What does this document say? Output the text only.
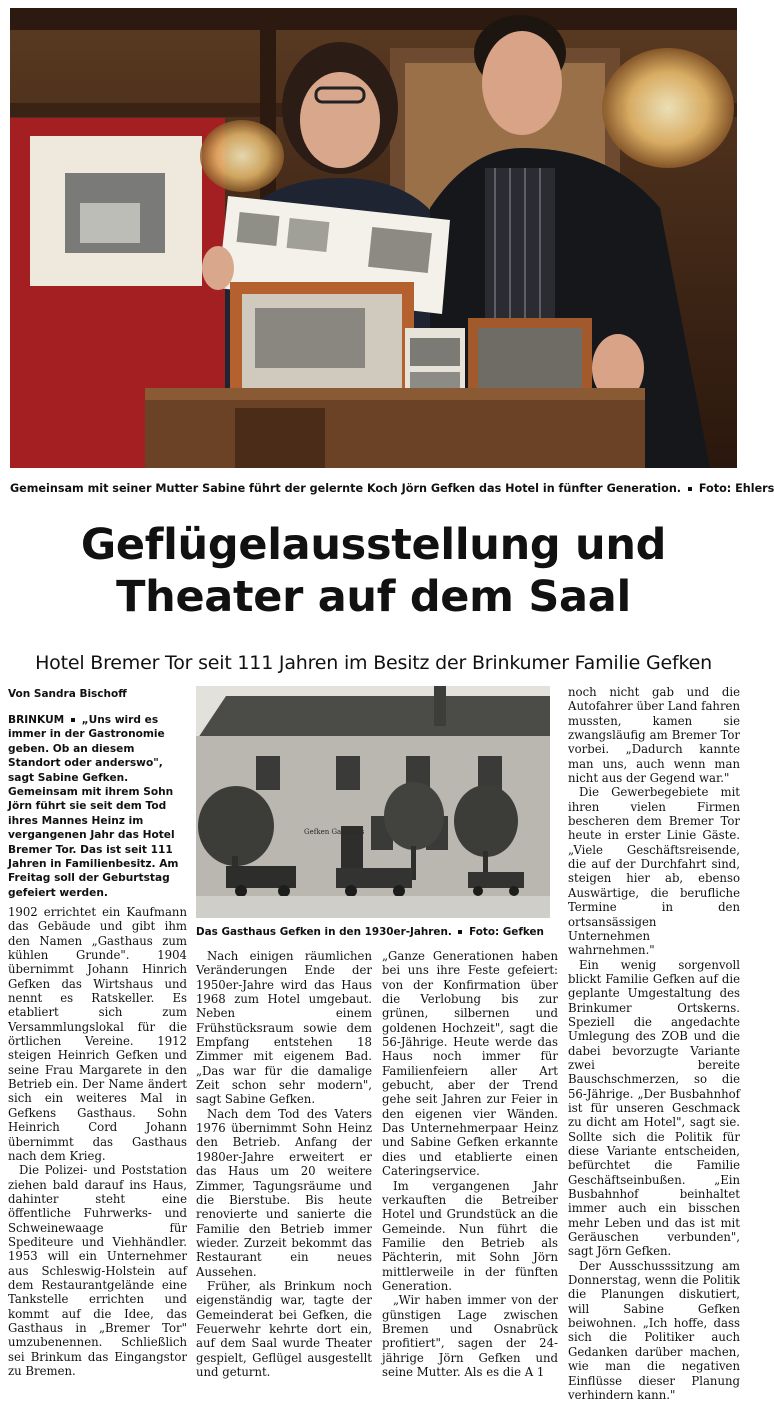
Gemeinsam mit seiner Mutter Sabine führt der gelernte Koch Jörn Gefken das Hotel in fünfter Generation. Foto: Ehlers
Geflügelausstellung und
Theater auf dem Saal
Hotel Bremer Tor seit 111 Jahren im Besitz der Brinkumer Familie Gefken
Von Sandra Bischoff
BRINKUM „Uns wird es immer in der Gastronomie geben. Ob an diesem Standort oder anderswo", sagt Sabine Gefken. Gemeinsam mit ihrem Sohn Jörn führt sie seit dem Tod ihres Mannes Heinz im vergangenen Jahr das Hotel Bremer Tor. Das ist seit 111 Jahren in Familienbesitz. Am Freitag soll der Geburtstag gefeiert werden.
Gefken Gasthaus
Das Gasthaus Gefken in den 1930er-Jahren. Foto: Gefken

1902 errichtet ein Kaufmann das Gebäude und gibt ihm den Namen „Gasthaus zum kühlen Grunde". 1904 übernimmt Johann Hinrich Gefken das Wirtshaus und nennt es Ratskeller. Es etabliert sich zum Versammlungslokal für die örtlichen Vereine. 1912 steigen Heinrich Gefken und seine Frau Margarete in den Betrieb ein. Der Name ändert sich ein weiteres Mal in Gefkens Gasthaus. Sohn Heinrich Cord Johann übernimmt das Gasthaus nach dem Krieg.

Die Polizei- und Poststation ziehen bald darauf ins Haus, dahinter steht eine öffentliche Fuhrwerks- und Schweinewaage für Spediteure und Viehhändler. 1953 will ein Unternehmer aus Schleswig-Holstein auf dem Restaurantgelände eine Tankstelle errichten und kommt auf die Idee, das Gasthaus in „Bremer Tor" umzubenennen. Schließlich sei Brinkum das Eingangstor zu Bremen.

Nach einigen räumlichen Veränderungen Ende der 1950er-Jahre wird das Haus 1968 zum Hotel umgebaut. Neben einem Frühstücksraum sowie dem Empfang entstehen 18 Zimmer mit eigenem Bad. „Das war für die damalige Zeit schon sehr modern", sagt Sabine Gefken.

Nach dem Tod des Vaters 1976 übernimmt Sohn Heinz den Betrieb. Anfang der 1980er-Jahre erweitert er das Haus um 20 weitere Zimmer, Tagungsräume und die Bierstube. Bis heute renovierte und sanierte die Familie den Betrieb immer wieder. Zurzeit bekommt das Restaurant ein neues Aussehen.

Früher, als Brinkum noch eigenständig war, tagte der Gemeinderat bei Gefken, die Feuerwehr kehrte dort ein, auf dem Saal wurde Theater gespielt, Geflügel ausgestellt und geturnt.

„Ganze Generationen haben bei uns ihre Feste gefeiert: von der Konfirmation über die Verlobung bis zur grünen, silbernen und goldenen Hochzeit", sagt die 56-Jährige. Heute werde das Haus noch immer für Familienfeiern aller Art gebucht, aber der Trend gehe seit Jahren zur Feier in den eigenen vier Wänden. Das Unternehmerpaar Heinz und Sabine Gefken erkannte dies und etablierte einen Cateringservice.

Im vergangenen Jahr verkauften die Betreiber Hotel und Grundstück an die Gemeinde. Nun führt die Familie den Betrieb als Pächterin, mit Sohn Jörn mittlerweile in der fünften Generation.

„Wir haben immer von der günstigen Lage zwischen Bremen und Osnabrück profitiert", sagen der 24-jährige Jörn Gefken und seine Mutter. Als es die A 1

noch nicht gab und die Autofahrer über Land fahren mussten, kamen sie zwangsläufig am Bremer Tor vorbei. „Dadurch kannte man uns, auch wenn man nicht aus der Gegend war."

Die Gewerbegebiete mit ihren vielen Firmen bescheren dem Bremer Tor heute in erster Linie Gäste. „Viele Geschäftsreisende, die auf der Durchfahrt sind, steigen hier ab, ebenso Auswärtige, die berufliche Termine in den ortsansässigen Unternehmen wahrnehmen."

Ein wenig sorgenvoll blickt Familie Gefken auf die geplante Umgestaltung des Brinkumer Ortskerns. Speziell die angedachte Umlegung des ZOB und die dabei bevorzugte Variante zwei bereite Bauschschmerzen, so die 56-Jährige. „Der Busbahnhof ist für unseren Geschmack zu dicht am Hotel", sagt sie. Sollte sich die Politik für diese Variante entscheiden, befürchtet die Familie Geschäftseinbußen. „Ein Busbahnhof beinhaltet immer auch ein bisschen mehr Leben und das ist mit Geräuschen verbunden", sagt Jörn Gefken.

Der Ausschusssitzung am Donnerstag, wenn die Politik die Planungen diskutiert, will Sabine Gefken beiwohnen. „Ich hoffe, dass sich die Politiker auch Gedanken darüber machen, wie man die negativen Einflüsse dieser Planung verhindern kann."
